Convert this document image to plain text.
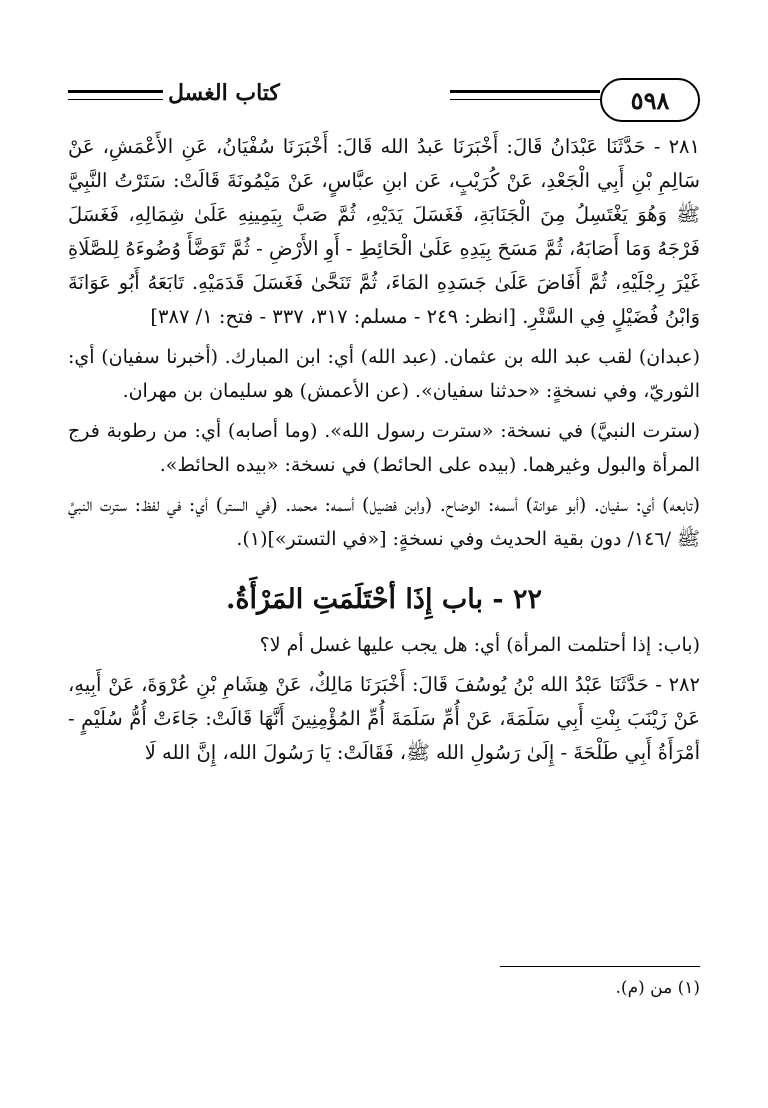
٥٩٨
كتاب الغسل

٢٨١ - حَدَّثَنَا عَبْدَانُ قَالَ: أَخْبَرَنَا عَبدُ الله قَالَ: أَخْبَرَنَا سُفْيَانُ، عَنِ الأَعْمَشِ، عَنْ سَالِمِ بْنِ أَبِي الْجَعْدِ، عَنْ كُرَيْبٍ، عَن ابنِ عبَّاسٍ، عَنْ مَيْمُونَةَ قَالَتْ: سَتَرْتُ النَّبِيَّ ﷺ وَهُوَ يَغْتَسِلُ مِنَ الْجَنَابَةِ، فَغَسَلَ يَدَيْهِ، ثُمَّ صَبَّ بِيَمِينِهِ عَلَىٰ شِمَالِهِ، فَغَسَلَ فَرْجَهُ وَمَا أَصَابَهُ، ثُمَّ مَسَحَ بِيَدِهِ عَلَىٰ الْحَائِطِ - أَوِ الأَرْضِ - ثُمَّ تَوَضَّأَ وُضُوءَهُ لِلصَّلَاةِ غَيْرَ رِجْلَيْهِ، ثُمَّ أَفَاضَ عَلَىٰ جَسَدِهِ المَاءَ، ثُمَّ تَنَحَّىٰ فَغَسَلَ قَدَمَيْهِ. تَابَعَهُ أَبُو عَوَانَةَ وَابْنُ فُضَيْلٍ فِي السَّتْرِ. [انظر: ٢٤٩ - مسلم: ٣١٧، ٣٣٧ - فتح: ١/ ٣٨٧]

(عبدان) لقب عبد الله بن عثمان. (عبد الله) أي: ابن المبارك. (أخبرنا سفيان) أي: الثوريّ، وفي نسخةٍ: «حدثنا سفيان». (عن الأعمش) هو سليمان بن مهران.

(سترت النبيَّ) في نسخة: «سترت رسول الله». (وما أصابه) أي: من رطوبة فرج المرأة والبول وغيرهما. (بيده على الحائط) في نسخة: «بيده الحائط».

(تابعه) أي: سفيان. (أبو عوانة) أسمه: الوضاح. (وابن فضيل) أسمه: محمد. (في الستر) أي: في لفظ: سترت النبيَّ ﷺ /١٤٦/ دون بقية الحديث وفي نسخةٍ: [«في التستر»](١).

٢٢ - باب إِذَا أحْتَلَمَتِ المَرْأَةُ.

(باب: إذا أحتلمت المرأة) أي: هل يجب عليها غسل أم لا؟

٢٨٢ - حَدَّثَنَا عَبْدُ الله بْنُ يُوسُفَ قَالَ: أَخْبَرَنَا مَالِكٌ، عَنْ هِشَامِ بْنِ عُرْوَةَ، عَنْ أَبِيهِ، عَنْ زَيْنَبَ بِنْتِ أَبِي سَلَمَةَ، عَنْ أُمِّ سَلَمَةَ أُمِّ المُؤْمِنِينَ أَنَّهَا قَالَتْ: جَاءَتْ أُمُّ سُلَيْمٍ - أمْرَأَةُ أَبِي طَلْحَةَ - إِلَىٰ رَسُولِ الله ﷺ، فَقَالَتْ: يَا رَسُولَ الله، إِنَّ الله لَا

(١) من (م).
